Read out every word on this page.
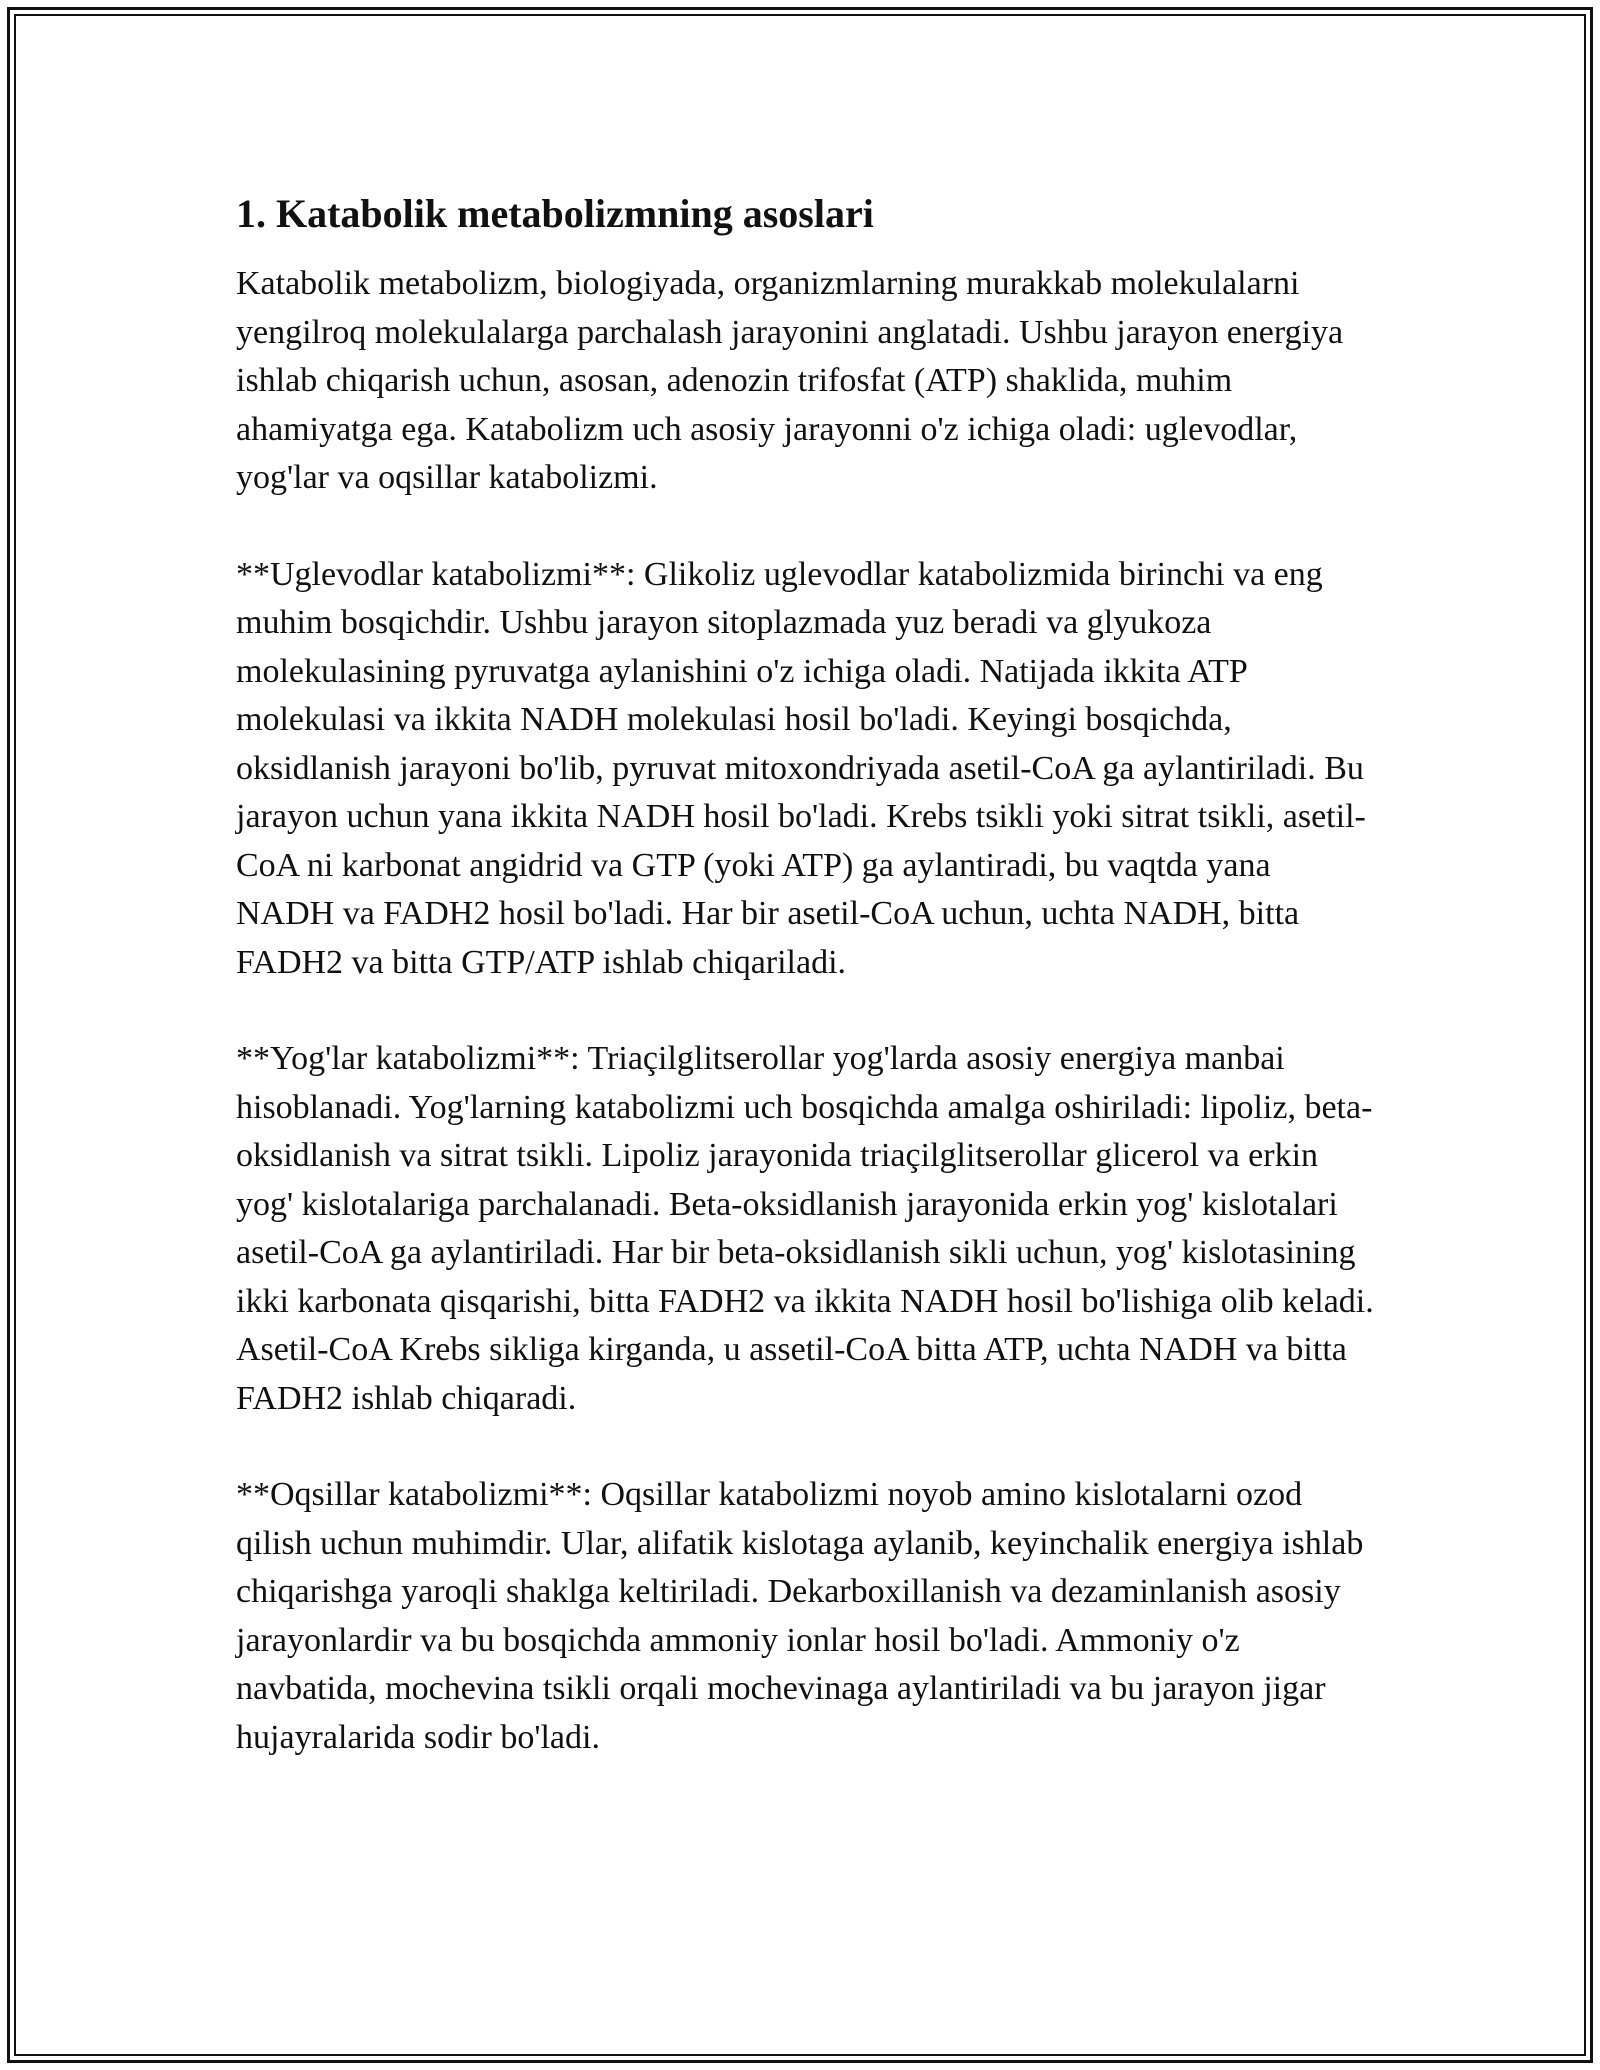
1. Katabolik metabolizmning asoslari

Katabolik metabolizm, biologiyada, organizmlarning murakkab molekulalarni yengilroq molekulalarga parchalash jarayonini anglatadi. Ushbu jarayon energiya ishlab chiqarish uchun, asosan, adenozin trifosfat (ATP) shaklida, muhim ahamiyatga ega. Katabolizm uch asosiy jarayonni o'z ichiga oladi: uglevodlar, yog'lar va oqsillar katabolizmi.

**Uglevodlar katabolizmi**: Glikoliz uglevodlar katabolizmida birinchi va eng muhim bosqichdir. Ushbu jarayon sitoplazmada yuz beradi va glyukoza molekulasining pyruvatga aylanishini o'z ichiga oladi. Natijada ikkita ATP molekulasi va ikkita NADH molekulasi hosil bo'ladi. Keyingi bosqichda, oksidlanish jarayoni bo'lib, pyruvat mitoxondriyada asetil-CoA ga aylantiriladi. Bu jarayon uchun yana ikkita NADH hosil bo'ladi. Krebs tsikli yoki sitrat tsikli, asetil-CoA ni karbonat angidrid va GTP (yoki ATP) ga aylantiradi, bu vaqtda yana NADH va FADH2 hosil bo'ladi. Har bir asetil-CoA uchun, uchta NADH, bitta FADH2 va bitta GTP/ATP ishlab chiqariladi.

**Yog'lar katabolizmi**: Triaçilglitserollar yog'larda asosiy energiya manbai hisoblanadi. Yog'larning katabolizmi uch bosqichda amalga oshiriladi: lipoliz, beta-oksidlanish va sitrat tsikli. Lipoliz jarayonida triaçilglitserollar glicerol va erkin yog' kislotalariga parchalanadi. Beta-oksidlanish jarayonida erkin yog' kislotalari asetil-CoA ga aylantiriladi. Har bir beta-oksidlanish sikli uchun, yog' kislotasining ikki karbonata qisqarishi, bitta FADH2 va ikkita NADH hosil bo'lishiga olib keladi. Asetil-CoA Krebs sikliga kirganda, u assetil-CoA bitta ATP, uchta NADH va bitta FADH2 ishlab chiqaradi.

**Oqsillar katabolizmi**: Oqsillar katabolizmi noyob amino kislotalarni ozod qilish uchun muhimdir. Ular, alifatik kislotaga aylanib, keyinchalik energiya ishlab chiqarishga yaroqli shaklga keltiriladi. Dekarboxillanish va dezaminlanish asosiy jarayonlardir va bu bosqichda ammoniy ionlar hosil bo'ladi. Ammoniy o'z navbatida, mochevina tsikli orqali mochevinaga aylantiriladi va bu jarayon jigar hujayralarida sodir bo'ladi.
